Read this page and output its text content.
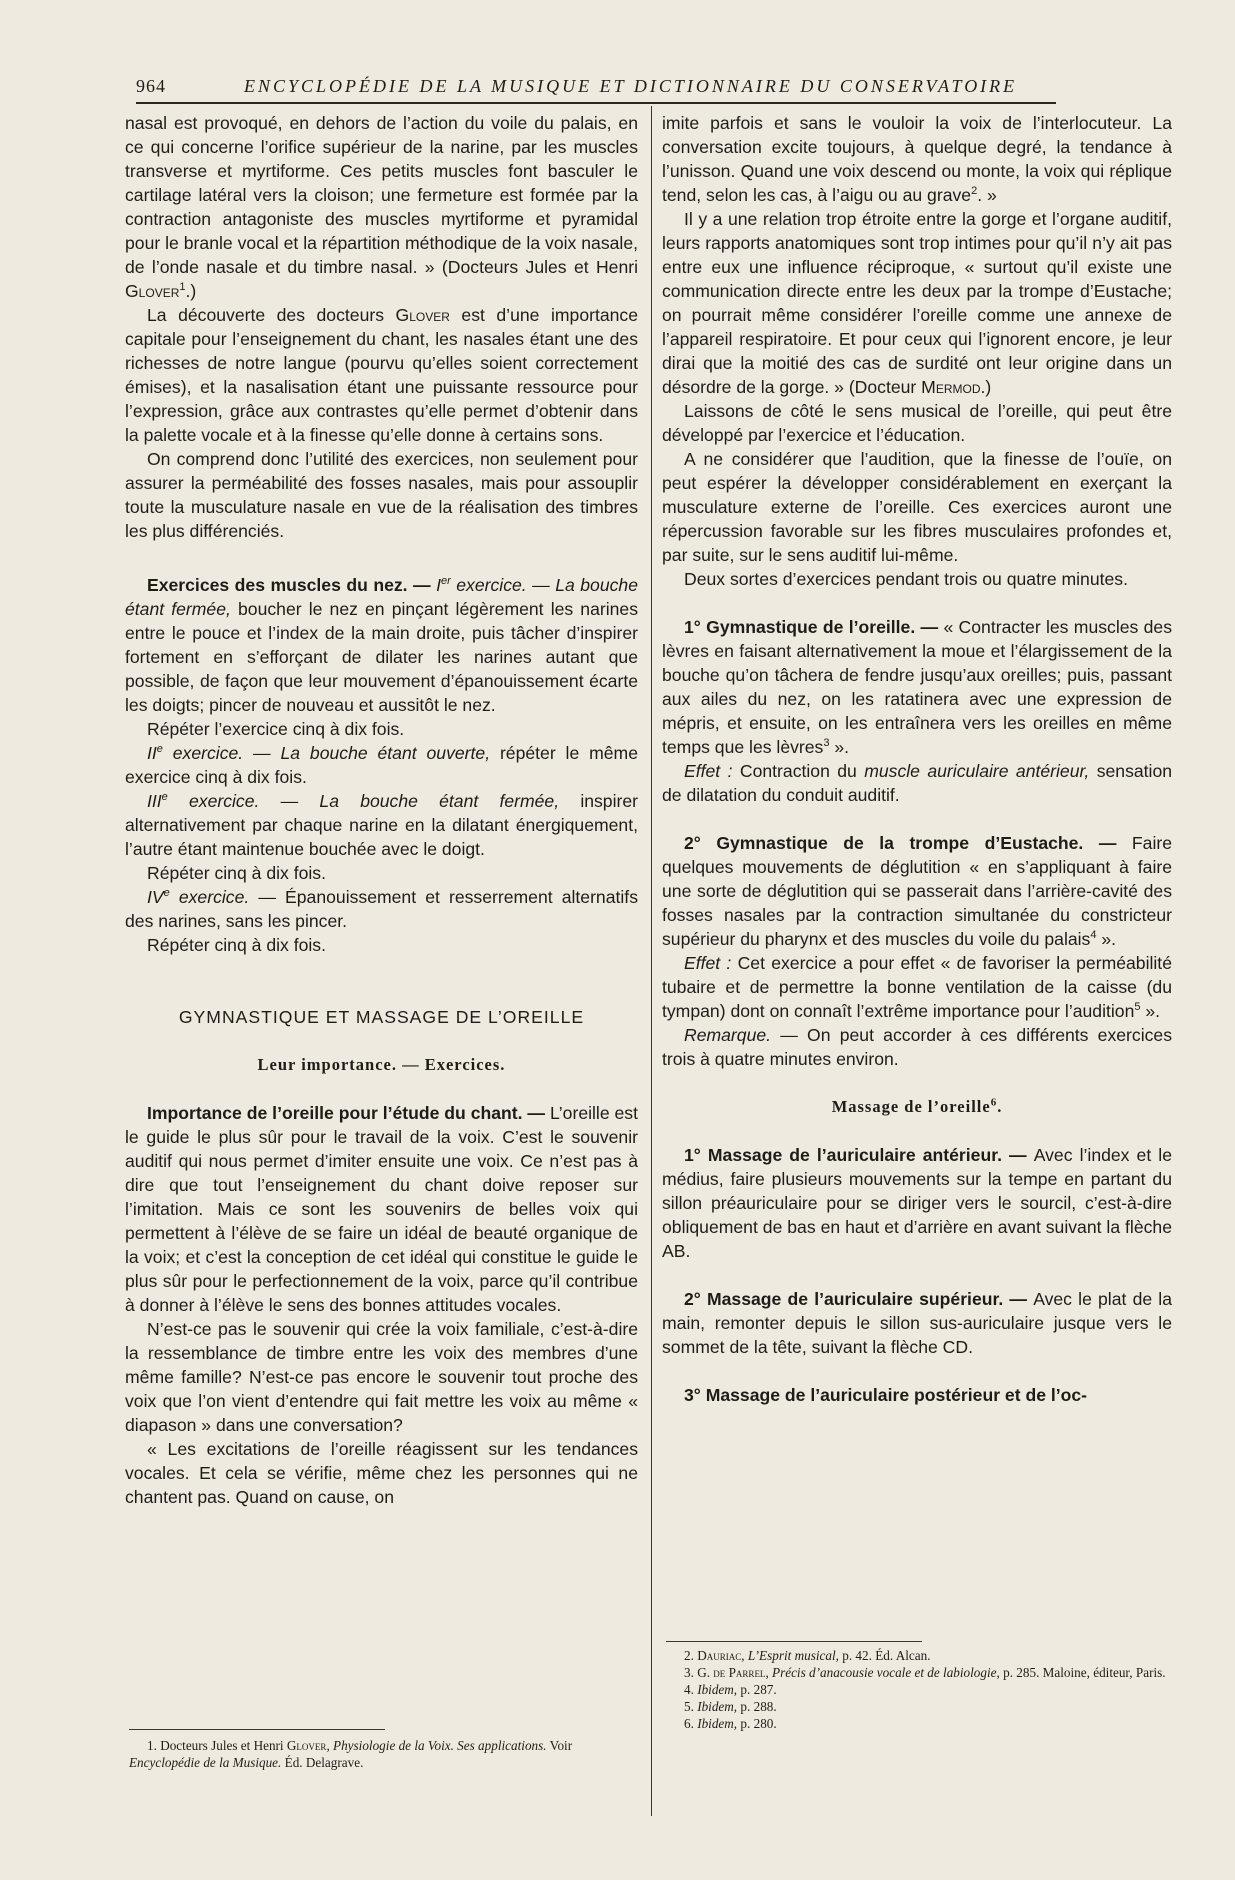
964	ENCYCLOPÉDIE DE LA MUSIQUE ET DICTIONNAIRE DU CONSERVATOIRE

nasal est provoqué, en dehors de l’action du voile du palais, en ce qui concerne l’orifice supérieur de la narine, par les muscles transverse et myrtiforme. Ces petits muscles font basculer le cartilage latéral vers la cloison; une fermeture est formée par la contraction antagoniste des muscles myrtiforme et pyramidal pour le branle vocal et la répartition méthodique de la voix nasale, de l’onde nasale et du timbre nasal. » (Docteurs Jules et Henri Glover$^1$.)

La découverte des docteurs Glover est d’une importance capitale pour l’enseignement du chant, les nasales étant une des richesses de notre langue (pourvu qu’elles soient correctement émises), et la nasalisation étant une puissante ressource pour l’expression, grâce aux contrastes qu’elle permet d’obtenir dans la palette vocale et à la finesse qu’elle donne à certains sons.

On comprend donc l’utilité des exercices, non seulement pour assurer la perméabilité des fosses nasales, mais pour assouplir toute la musculature nasale en vue de la réalisation des timbres les plus différenciés.

Exercices des muscles du nez. — Ier exercice. — La bouche étant fermée, boucher le nez en pinçant légèrement les narines entre le pouce et l’index de la main droite, puis tâcher d’inspirer fortement en s’efforçant de dilater les narines autant que possible, de façon que leur mouvement d’épanouissement écarte les doigts; pincer de nouveau et aussitôt le nez.

Répéter l’exercice cinq à dix fois.

IIe exercice. — La bouche étant ouverte, répéter le même exercice cinq à dix fois.

IIIe exercice. — La bouche étant fermée, inspirer alternativement par chaque narine en la dilatant énergiquement, l’autre étant maintenue bouchée avec le doigt.

Répéter cinq à dix fois.

IVe exercice. — Épanouissement et resserrement alternatifs des narines, sans les pincer.

Répéter cinq à dix fois.

GYMNASTIQUE ET MASSAGE DE L’OREILLE

Leur importance. — Exercices.

Importance de l’oreille pour l’étude du chant. — L’oreille est le guide le plus sûr pour le travail de la voix. C’est le souvenir auditif qui nous permet d’imiter ensuite une voix. Ce n’est pas à dire que tout l’enseignement du chant doive reposer sur l’imitation. Mais ce sont les souvenirs de belles voix qui permettent à l’élève de se faire un idéal de beauté organique de la voix; et c’est la conception de cet idéal qui constitue le guide le plus sûr pour le perfectionnement de la voix, parce qu’il contribue à donner à l’élève le sens des bonnes attitudes vocales.

N’est-ce pas le souvenir qui crée la voix familiale, c’est-à-dire la ressemblance de timbre entre les voix des membres d’une même famille? N’est-ce pas encore le souvenir tout proche des voix que l’on vient d’entendre qui fait mettre les voix au même « diapason » dans une conversation?

« Les excitations de l’oreille réagissent sur les tendances vocales. Et cela se vérifie, même chez les personnes qui ne chantent pas. Quand on cause, on

1. Docteurs Jules et Henri Glover, Physiologie de la Voix. Ses applications. Voir Encyclopédie de la Musique. Éd. Delagrave.

imite parfois et sans le vouloir la voix de l’interlocuteur. La conversation excite toujours, à quelque degré, la tendance à l’unisson. Quand une voix descend ou monte, la voix qui réplique tend, selon les cas, à l’aigu ou au grave$^2$. »

Il y a une relation trop étroite entre la gorge et l’organe auditif, leurs rapports anatomiques sont trop intimes pour qu’il n’y ait pas entre eux une influence réciproque, « surtout qu’il existe une communication directe entre les deux par la trompe d’Eustache; on pourrait même considérer l’oreille comme une annexe de l’appareil respiratoire. Et pour ceux qui l’ignorent encore, je leur dirai que la moitié des cas de surdité ont leur origine dans un désordre de la gorge. » (Docteur Mermod.)

Laissons de côté le sens musical de l’oreille, qui peut être développé par l’exercice et l’éducation.

A ne considérer que l’audition, que la finesse de l’ouïe, on peut espérer la développer considérablement en exerçant la musculature externe de l’oreille. Ces exercices auront une répercussion favorable sur les fibres musculaires profondes et, par suite, sur le sens auditif lui-même.

Deux sortes d’exercices pendant trois ou quatre minutes.

1° Gymnastique de l’oreille. — « Contracter les muscles des lèvres en faisant alternativement la moue et l’élargissement de la bouche qu’on tâchera de fendre jusqu’aux oreilles; puis, passant aux ailes du nez, on les ratatinera avec une expression de mépris, et ensuite, on les entraînera vers les oreilles en même temps que les lèvres$^3$ ».

Effet : Contraction du muscle auriculaire antérieur, sensation de dilatation du conduit auditif.

2° Gymnastique de la trompe d’Eustache. — Faire quelques mouvements de déglutition « en s’appliquant à faire une sorte de déglutition qui se passerait dans l’arrière-cavité des fosses nasales par la contraction simultanée du constricteur supérieur du pharynx et des muscles du voile du palais$^4$ ».

Effet : Cet exercice a pour effet « de favoriser la perméabilité tubaire et de permettre la bonne ventilation de la caisse (du tympan) dont on connaît l’extrême importance pour l’audition$^5$ ».

Remarque. — On peut accorder à ces différents exercices trois à quatre minutes environ.

Massage de l’oreille$^6$.

1° Massage de l’auriculaire antérieur. — Avec l’index et le médius, faire plusieurs mouvements sur la tempe en partant du sillon préauriculaire pour se diriger vers le sourcil, c’est-à-dire obliquement de bas en haut et d’arrière en avant suivant la flèche AB.

2° Massage de l’auriculaire supérieur. — Avec le plat de la main, remonter depuis le sillon sus-auriculaire jusque vers le sommet de la tête, suivant la flèche CD.

3° Massage de l’auriculaire postérieur et de l’oc-

2. Dauriac, L’Esprit musical, p. 42. Éd. Alcan.

3. G. de Parrel, Précis d’anacousie vocale et de labiologie, p. 285. Maloine, éditeur, Paris.

4. Ibidem, p. 287.

5. Ibidem, p. 288.

6. Ibidem, p. 280.
